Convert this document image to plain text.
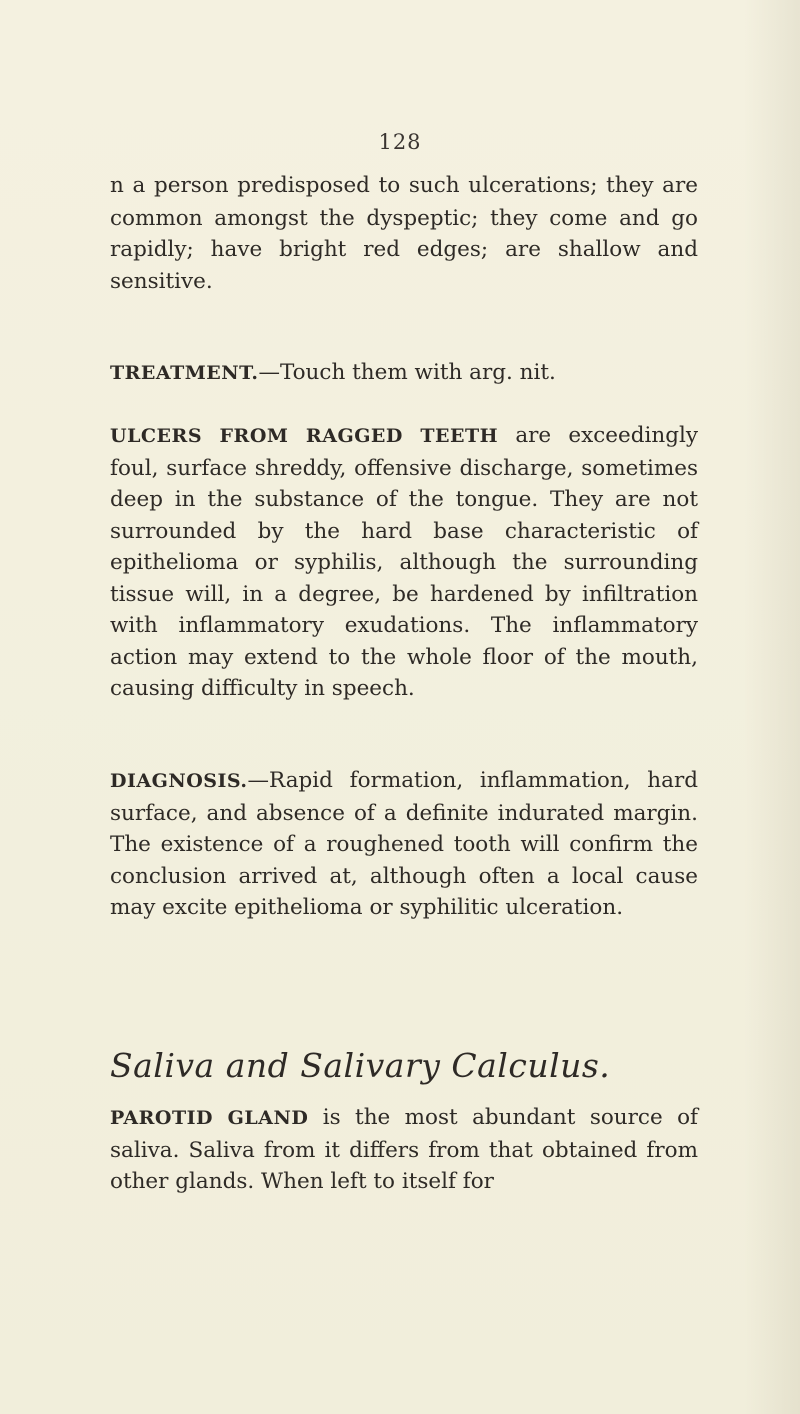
128

n a person predisposed to such ulcerations; they are common amongst the dyspeptic; they come and go rapidly; have bright red edges; are shallow and sensitive.

TREATMENT.—Touch them with arg. nit.

ULCERS FROM RAGGED TEETH are exceedingly foul, surface shreddy, offensive discharge, sometimes deep in the substance of the tongue. They are not surrounded by the hard base characteristic of epithelioma or syphilis, although the surrounding tissue will, in a degree, be hardened by infiltration with inflammatory exudations. The inflammatory action may extend to the whole floor of the mouth, causing difficulty in speech.

DIAGNOSIS.—Rapid formation, inflammation, hard surface, and absence of a definite indurated margin. The existence of a roughened tooth will confirm the conclusion arrived at, although often a local cause may excite epithelioma or syphilitic ulceration.

Saliva and Salivary Calculus.

PAROTID GLAND is the most abundant source of saliva. Saliva from it differs from that obtained from other glands. When left to itself for
